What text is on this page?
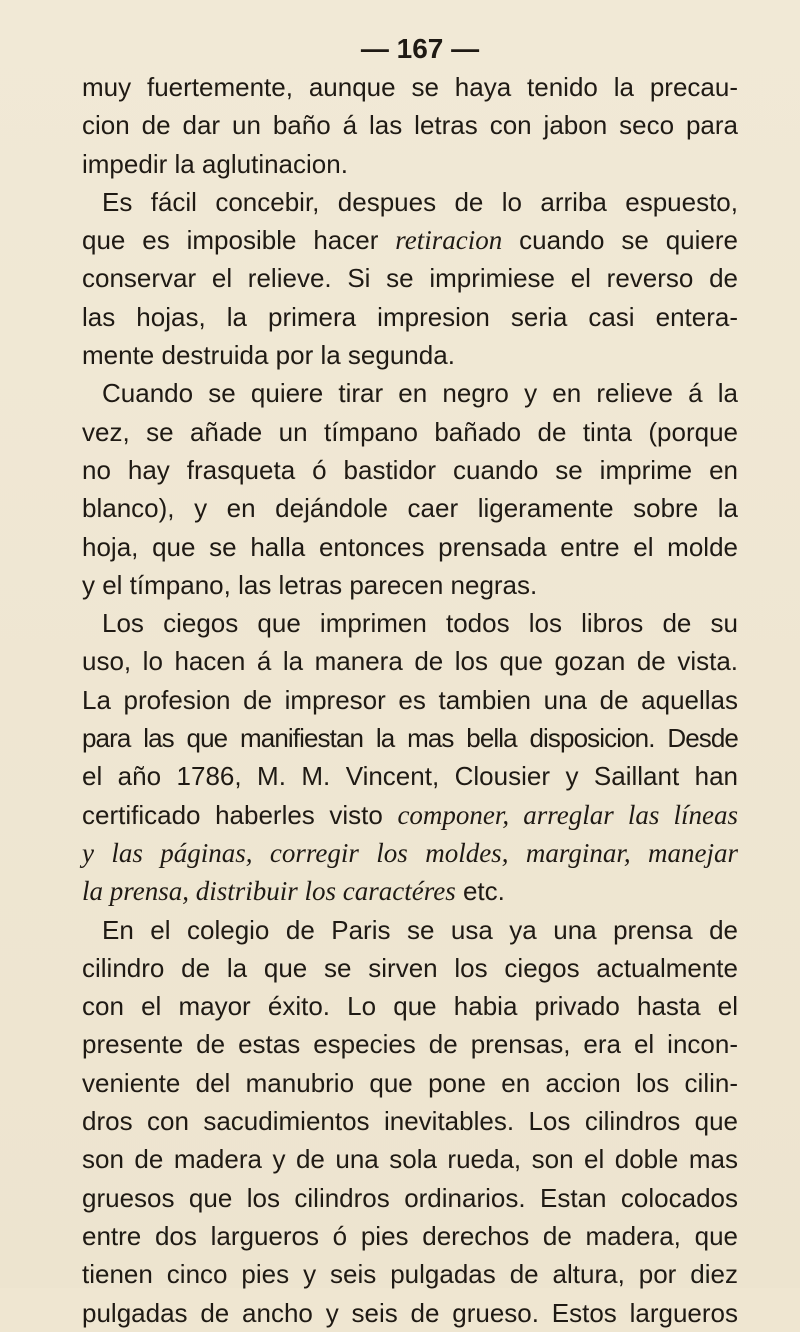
— 167 —
muy fuertemente, aunque se haya tenido la precau-
cion de dar un baño á las letras con jabon seco para
impedir la aglutinacion.
Es fácil concebir, despues de lo arriba espuesto,
que es imposible hacer retiracion cuando se quiere
conservar el relieve. Si se imprimiese el reverso de
las hojas, la primera impresion seria casi entera-
mente destruida por la segunda.
Cuando se quiere tirar en negro y en relieve á la
vez, se añade un tímpano bañado de tinta (porque
no hay frasqueta ó bastidor cuando se imprime en
blanco), y en dejándole caer ligeramente sobre la
hoja, que se halla entonces prensada entre el molde
y el tímpano, las letras parecen negras.
Los ciegos que imprimen todos los libros de su
uso, lo hacen á la manera de los que gozan de vista.
La profesion de impresor es tambien una de aquellas
para las que manifiestan la mas bella disposicion. Desde
el año 1786, M. M. Vincent, Clousier y Saillant han
certificado haberles visto componer, arreglar las líneas
y las páginas, corregir los moldes, marginar, manejar
la prensa, distribuir los caractéres etc.
En el colegio de Paris se usa ya una prensa de
cilindro de la que se sirven los ciegos actualmente
con el mayor éxito. Lo que habia privado hasta el
presente de estas especies de prensas, era el incon-
veniente del manubrio que pone en accion los cilin-
dros con sacudimientos inevitables. Los cilindros que
son de madera y de una sola rueda, son el doble mas
gruesos que los cilindros ordinarios. Estan colocados
entre dos largueros ó pies derechos de madera, que
tienen cinco pies y seis pulgadas de altura, por diez
pulgadas de ancho y seis de grueso. Estos largueros
